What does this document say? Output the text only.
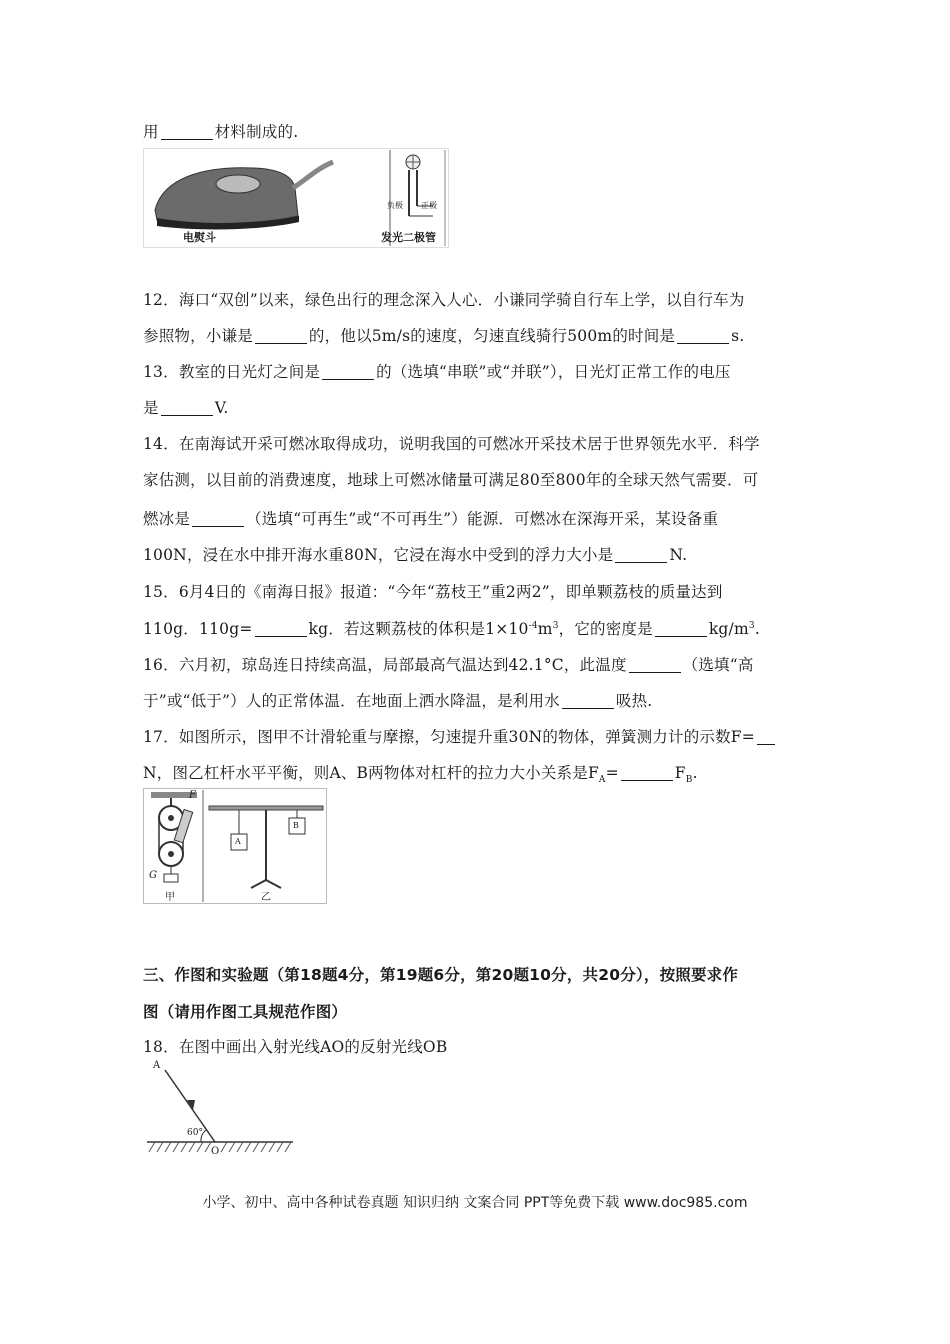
用	材料制成的.
电熨斗	发光二极管
负极 正极
12．海口“双创”以来，绿色出行的理念深入人心．小谦同学骑自行车上学，以自行车为
参照物，小谦是	的，他以5m/s的速度，匀速直线骑行500m的时间是	s.
13．教室的日光灯之间是	的（选填“串联”或“并联”），日光灯正常工作的电压
是	V.
14．在南海试开采可燃冰取得成功，说明我国的可燃冰开采技术居于世界领先水平．科学
家估测，以目前的消费速度，地球上可燃冰储量可满足80至800年的全球天然气需要．可
燃冰是	（选填“可再生”或“不可再生”）能源．可燃冰在深海开采，某设备重
100N，浸在水中排开海水重80N，它浸在海水中受到的浮力大小是	N.
15．6月4日的《南海日报》报道：“今年“荔枝王”重2两2”，即单颗荔枝的质量达到
110g．110g=	kg．若这颗荔枝的体积是$1\times 10^{-4}m^3$，它的密度是	$kg/m^3$.
16．六月初，琼岛连日持续高温，局部最高气温达到42.1°C，此温度	（选填“高
于”或“低于”）人的正常体温．在地面上洒水降温，是利用水	吸热.
17．如图所示，图甲不计滑轮重与摩擦，匀速提升重30N的物体，弹簧测力计的示数F=
N，图乙杠杆水平平衡，则A、B两物体对杠杆的拉力大小关系是$F_A=$	$F_B$.
F
G
甲	乙
A
B
三、作图和实验题（第18题4分，第19题6分，第20题10分，共20分），按照要求作
图（请用作图工具规范作图）
18．在图中画出入射光线AO的反射光线OB
A
60°
O
小学、初中、高中各种试卷真题 知识归纳 文案合同 PPT等免费下载 www.doc985.com
